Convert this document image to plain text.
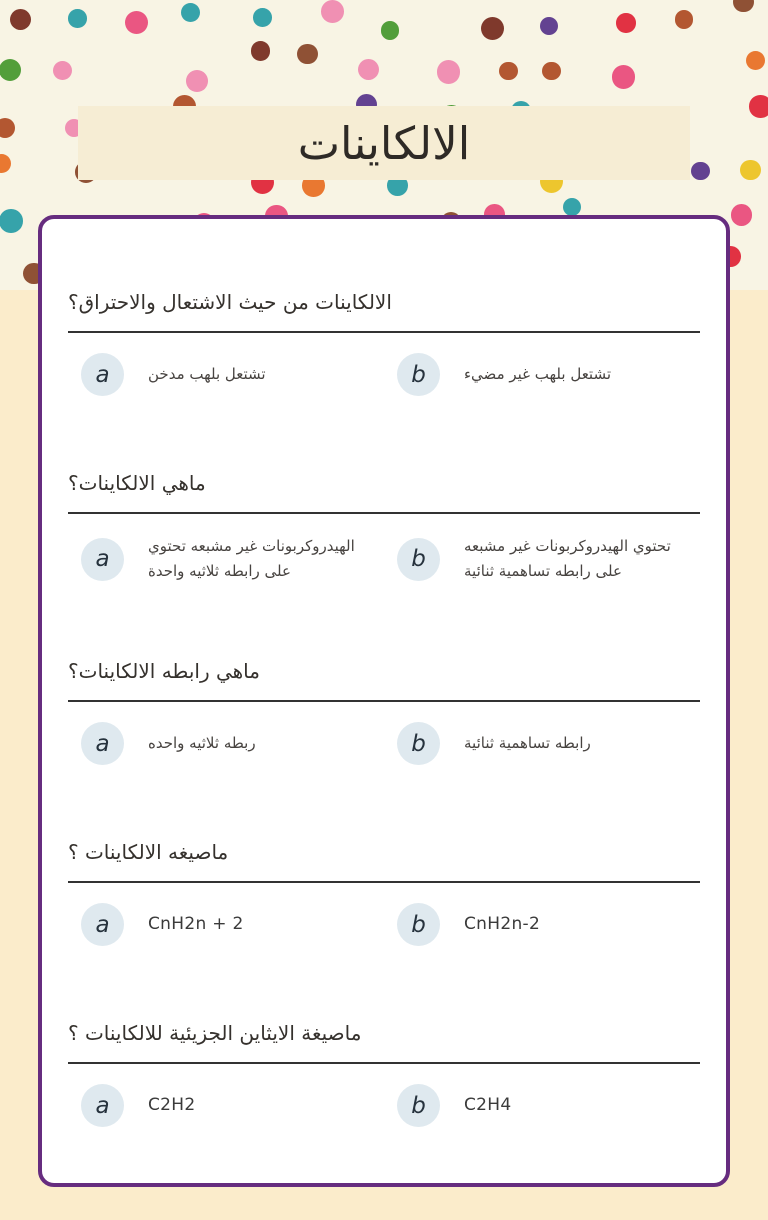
الالكاينات
الالكاينات من حيث الاشتعال والاحتراق؟
a	تشتعل بلهب مدخن	b	تشتعل بلهب غير مضيء
ماهي الالكاينات؟
a	الهيدروكربونات غير مشبعه تحتوي على رابطه ثلاثيه واحدة	b	تحتوي الهيدروكربونات غير مشبعه على رابطه تساهمية ثنائية
ماهي رابطه الالكاينات؟
a	ربطه ثلاثيه واحده	b	رابطه تساهمية ثنائية
ماصيغه الالكاينات ؟
a	CnH2n + 2	b	CnH2n-2
ماصيغة الايثاين الجزيئية للالكاينات ؟
a	C2H2	b	C2H4
